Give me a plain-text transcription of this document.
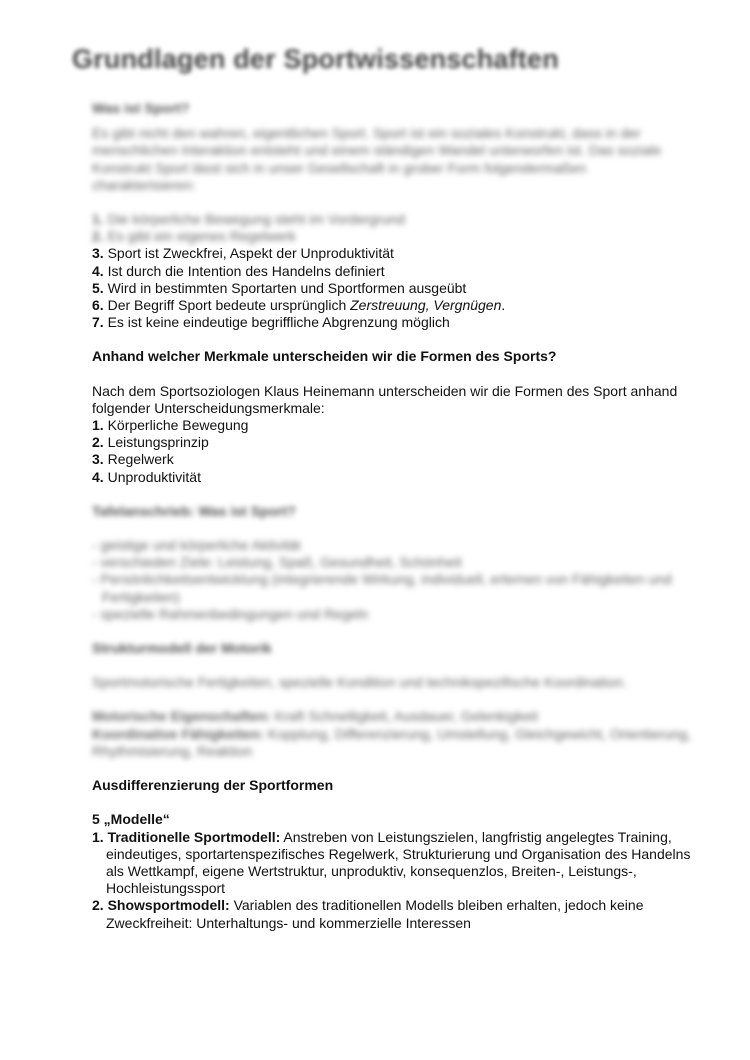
Grundlagen der Sportwissenschaften
Was ist Sport?

Es gibt nicht den wahren, eigentlichen Sport. Sport ist ein soziales Konstrukt, dass in der menschlichen Interaktion entsteht und einem ständigen Wandel unterworfen ist. Das soziale Konstrukt Sport lässt sich in unser Gesellschaft in grober Form folgendermaßen charakterisieren:

1. Die körperliche Bewegung steht im Vordergrund
2. Es gibt ein eigenes Regelwerk
3. Sport ist Zweckfrei, Aspekt der Unproduktivität
4. Ist durch die Intention des Handelns definiert
5. Wird in bestimmten Sportarten und Sportformen ausgeübt
6. Der Begriff Sport bedeute ursprünglich Zerstreuung, Vergnügen.
7. Es ist keine eindeutige begriffliche Abgrenzung möglich
Anhand welcher Merkmale unterscheiden wir die Formen des Sports?

Nach dem Sportsoziologen Klaus Heinemann unterscheiden wir die Formen des Sport anhand folgender Unterscheidungsmerkmale:

1. Körperliche Bewegung
2. Leistungsprinzip
3. Regelwerk
4. Unproduktivität
Tafelanschrieb: Was ist Sport?
- geistige und körperliche Aktivität
- verschieden Ziele: Leistung, Spaß, Gesundheit, Schönheit
- Persönlichkeitsentwicklung (integrierende Wirkung, individuell, erlernen von Fähigkeiten und Fertigkeiten)
- spezielle Rahmenbedingungen und Regeln
Strukturmodell der Motorik

Sportmotorische Fertigkeiten, spezielle Kondition und technikspezifische Koordination.

Motorische Eigenschaften: Kraft Schnelligkeit, Ausdauer, Gelenkigkeit

Koordinative Fähigkeiten: Kopplung, Differenzierung, Umstellung, Gleichgewicht, Orientierung, Rhythmisierung, Reaktion

Ausdifferenzierung der Sportformen
5 „Modelle“
1. Traditionelle Sportmodell: Anstreben von Leistungszielen, langfristig angelegtes Training, eindeutiges, sportartenspezifisches Regelwerk, Strukturierung und Organisation des Handelns als Wettkampf, eigene Wertstruktur, unproduktiv, konsequenzlos, Breiten-, Leistungs-, Hochleistungssport
2. Showsportmodell: Variablen des traditionellen Modells bleiben erhalten, jedoch keine Zweckfreiheit: Unterhaltungs- und kommerzielle Interessen
